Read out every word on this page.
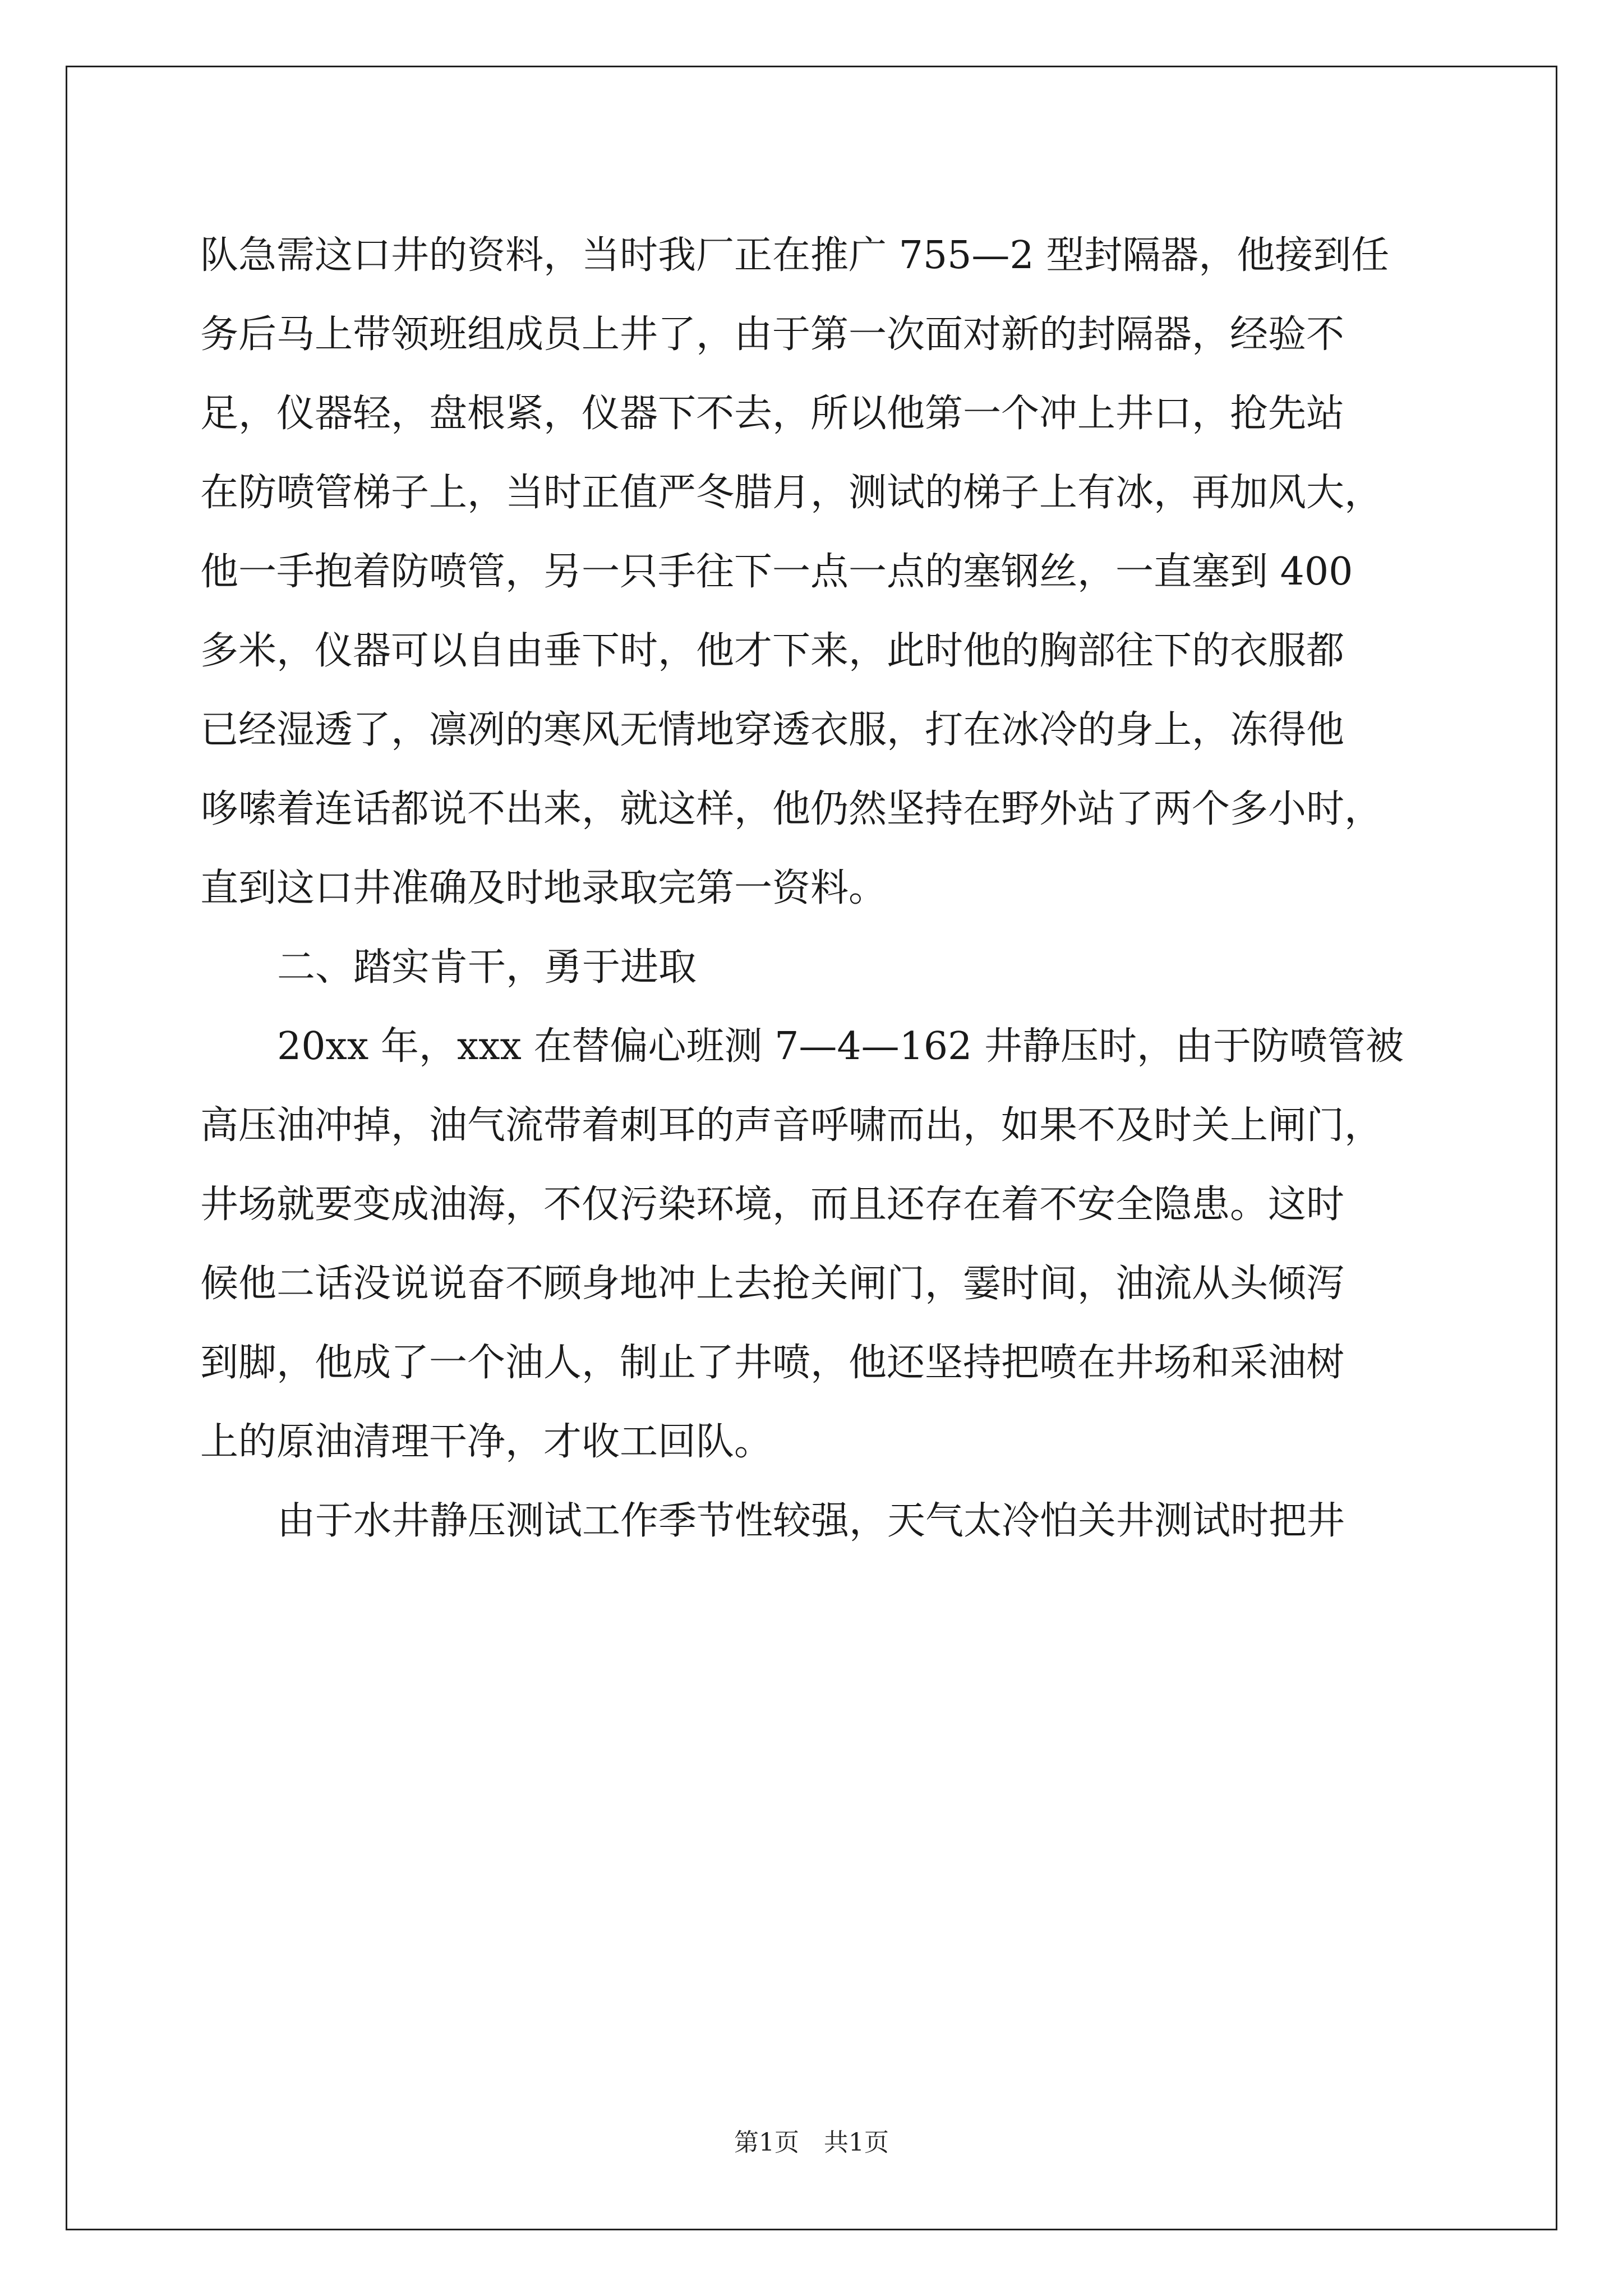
队急需这口井的资料，当时我厂正在推广 755—2 型封隔器，他接到任
务后马上带领班组成员上井了，由于第一次面对新的封隔器，经验不
足，仪器轻，盘根紧，仪器下不去，所以他第一个冲上井口，抢先站
在防喷管梯子上，当时正值严冬腊月，测试的梯子上有冰，再加风大，
他一手抱着防喷管，另一只手往下一点一点的塞钢丝，一直塞到 400
多米，仪器可以自由垂下时，他才下来，此时他的胸部往下的衣服都
已经湿透了，凛冽的寒风无情地穿透衣服，打在冰冷的身上，冻得他
哆嗦着连话都说不出来，就这样，他仍然坚持在野外站了两个多小时，
直到这口井准确及时地录取完第一资料。
二、踏实肯干，勇于进取
20xx 年，xxx 在替偏心班测 7—4—162 井静压时，由于防喷管被
高压油冲掉，油气流带着刺耳的声音呼啸而出，如果不及时关上闸门，
井场就要变成油海，不仅污染环境，而且还存在着不安全隐患。这时
候他二话没说说奋不顾身地冲上去抢关闸门，霎时间，油流从头倾泻
到脚，他成了一个油人，制止了井喷，他还坚持把喷在井场和采油树
上的原油清理干净，才收工回队。
由于水井静压测试工作季节性较强，天气太冷怕关井测试时把井
第1页　共1页
